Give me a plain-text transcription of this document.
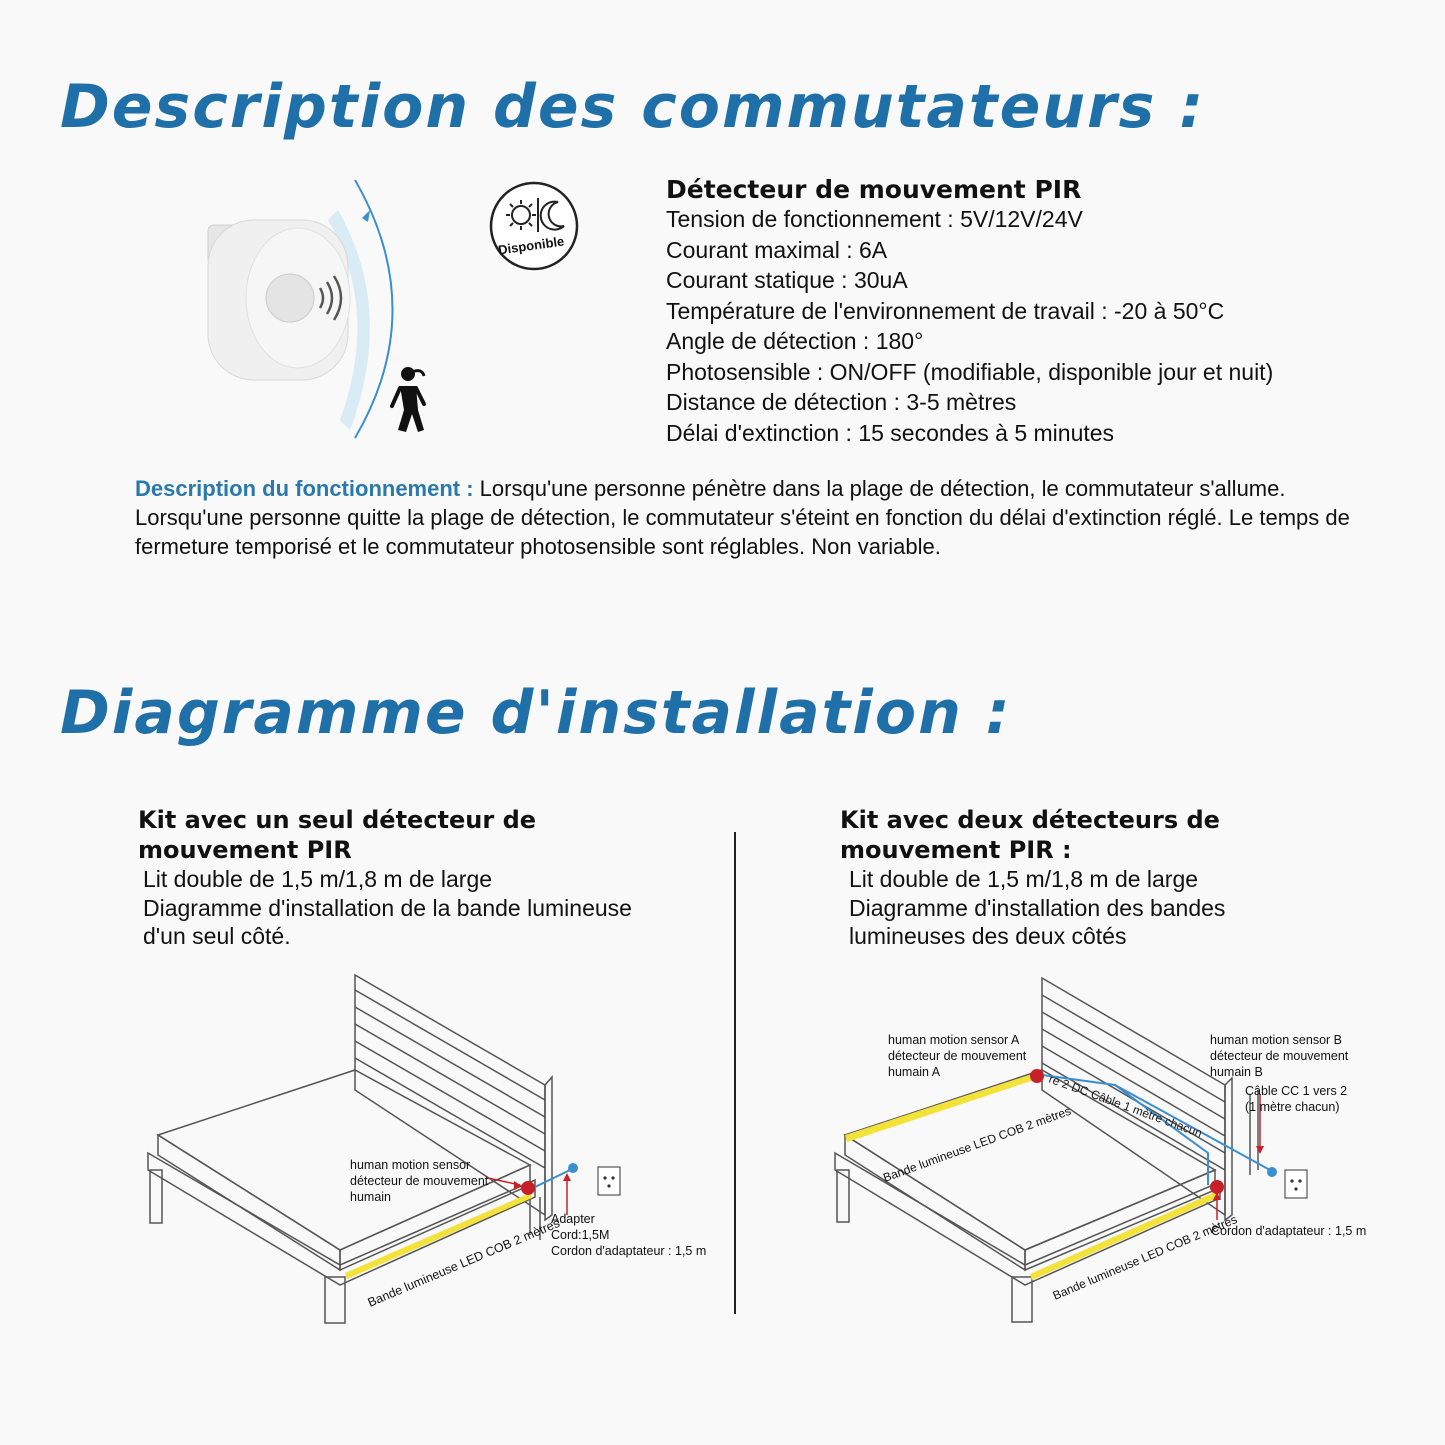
Description des commutateurs :
Disponible
Détecteur de mouvement PIR
Tension de fonctionnement : 5V/12V/24V
Courant maximal : 6A
Courant statique : 30uA
Température de l'environnement de travail : -20 à 50°C
Angle de détection : 180°
Photosensible : ON/OFF (modifiable, disponible jour et nuit)
Distance de détection : 3-5 mètres
Délai d'extinction : 15 secondes à 5 minutes
Description du fonctionnement : Lorsqu'une personne pénètre dans la plage de détection, le commutateur s'allume. Lorsqu'une personne quitte la plage de détection, le commutateur s'éteint en fonction du délai d'extinction réglé. Le temps de fermeture temporisé et le commutateur photosensible sont réglables. Non variable.
Diagramme d'installation :
Kit avec un seul détecteur de
mouvement PIR
Lit double de 1,5 m/1,8 m de large
Diagramme d'installation de la bande lumineuse
d'un seul côté.
Kit avec deux détecteurs de
mouvement PIR :
Lit double de 1,5 m/1,8 m de large
Diagramme d'installation des bandes
lumineuses des deux côtés
Bande lumineuse LED COB 2 mètres
human motion sensor
détecteur de mouvement
humain
Adapter
Cord:1,5M
Cordon d'adaptateur : 1,5 m
Bande lumineuse LED COB 2 mètres
Bande lumineuse LED COB 2 mètres
re 2 DC Câble 1 mètre chacun
human motion sensor A
détecteur de mouvement
humain A
human motion sensor B
détecteur de mouvement
humain B
Câble CC 1 vers 2
(1 mètre chacun)
Cordon d'adaptateur : 1,5 m
